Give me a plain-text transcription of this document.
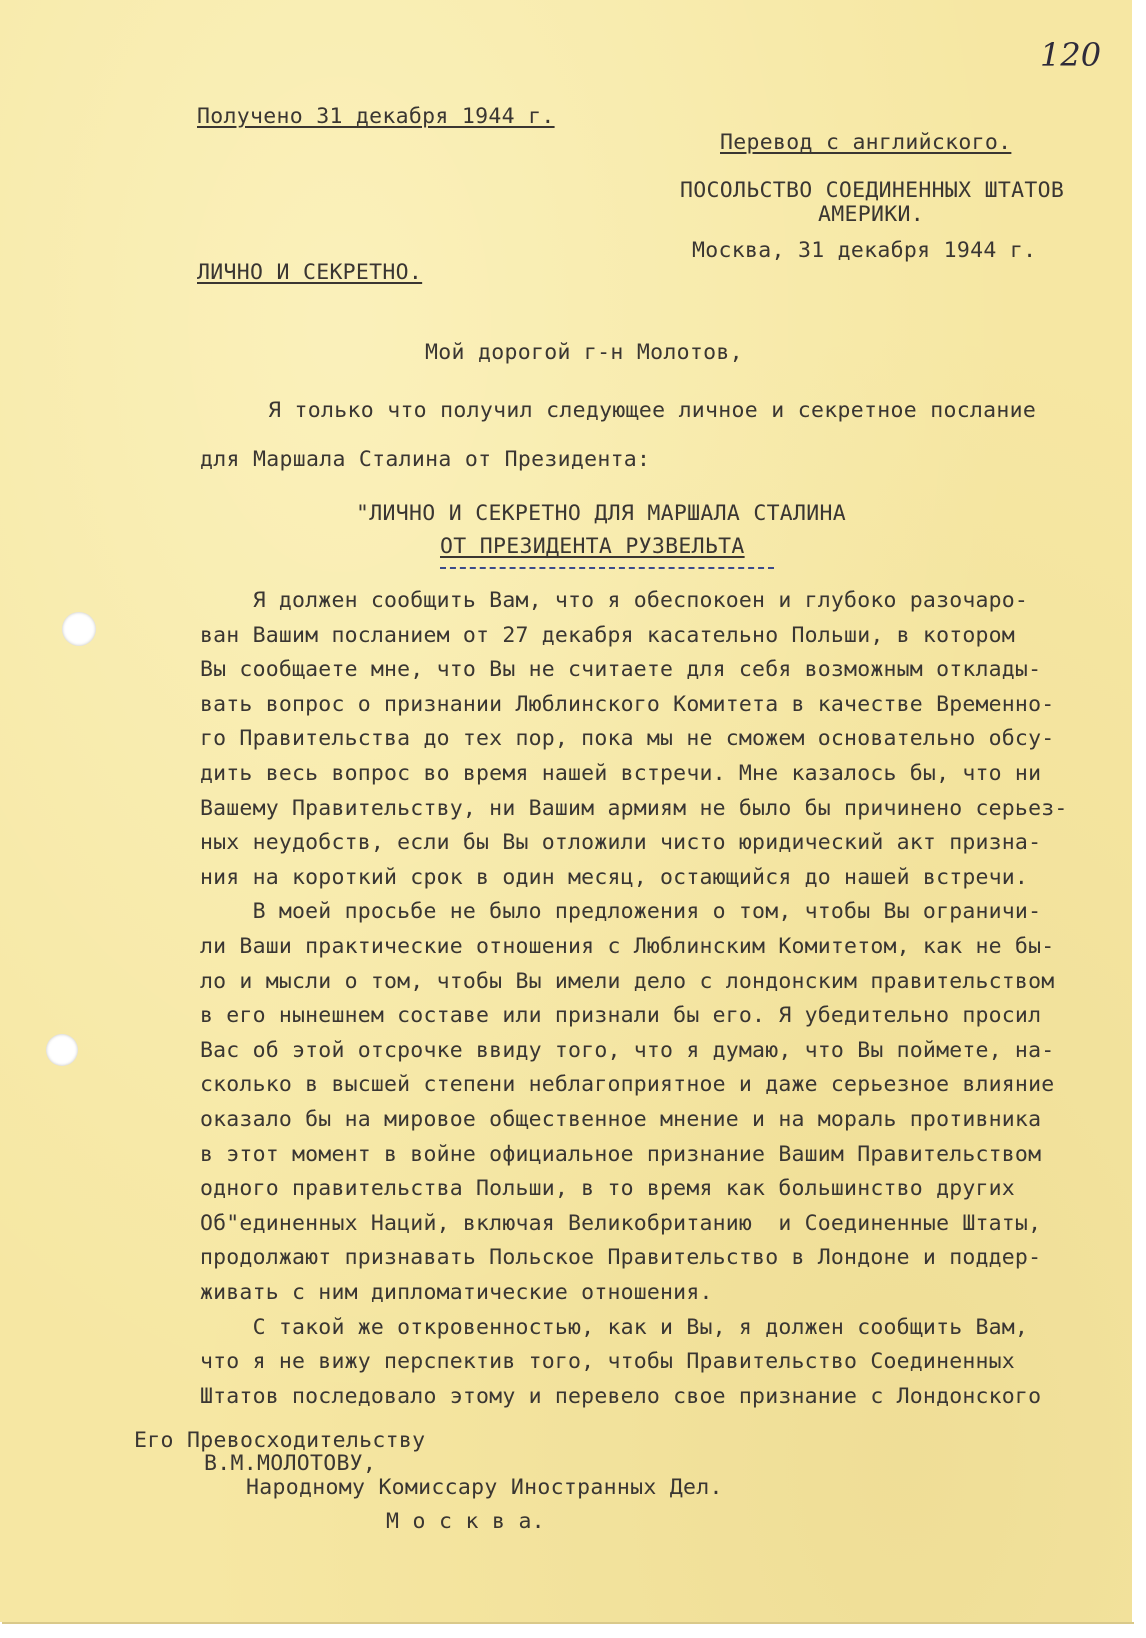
120
Получено 31 декабря 1944 г.
Перевод с английского.
ПОСОЛЬСТВО СОЕДИНЕННЫХ ШТАТОВ
АМЕРИКИ.
Москва, 31 декабря 1944 г.
ЛИЧНО И СЕКРЕТНО.
Мой дорогой г-н Молотов,
Я только что получил следующее личное и секретное послание
для Маршала Сталина от Президента:
"ЛИЧНО И СЕКРЕТНО ДЛЯ МАРШАЛА СТАЛИНА
ОТ ПРЕЗИДЕНТА РУЗВЕЛЬТА
Я должен сообщить Вам, что я обеспокоен и глубоко разочаро-
ван Вашим посланием от 27 декабря касательно Польши, в котором
Вы сообщаете мне, что Вы не считаете для себя возможным отклады-
вать вопрос о признании Люблинского Комитета в качестве Временно-
го Правительства до тех пор, пока мы не сможем основательно обсу-
дить весь вопрос во время нашей встречи. Мне казалось бы, что ни
Вашему Правительству, ни Вашим армиям не было бы причинено серьез-
ных неудобств, если бы Вы отложили чисто юридический акт призна-
ния на короткий срок в один месяц, остающийся до нашей встречи.
В моей просьбе не было предложения о том, чтобы Вы ограничи-
ли Ваши практические отношения с Люблинским Комитетом, как не бы-
ло и мысли о том, чтобы Вы имели дело с лондонским правительством
в его нынешнем составе или признали бы его. Я убедительно просил
Вас об этой отсрочке ввиду того, что я думаю, что Вы поймете, на-
сколько в высшей степени неблагоприятное и даже серьезное влияние
оказало бы на мировое общественное мнение и на мораль противника
в этот момент в войне официальное признание Вашим Правительством
одного правительства Польши, в то время как большинство других
Об"единенных Наций, включая Великобританию  и Соединенные Штаты,
продолжают признавать Польское Правительство в Лондоне и поддер-
живать с ним дипломатические отношения.
С такой же откровенностью, как и Вы, я должен сообщить Вам,
что я не вижу перспектив того, чтобы Правительство Соединенных
Штатов последовало этому и перевело свое признание с Лондонского
Его Превосходительству
В.М.МОЛОТОВУ,
Народному Комиссару Иностранных Дел.
М о с к в а.
